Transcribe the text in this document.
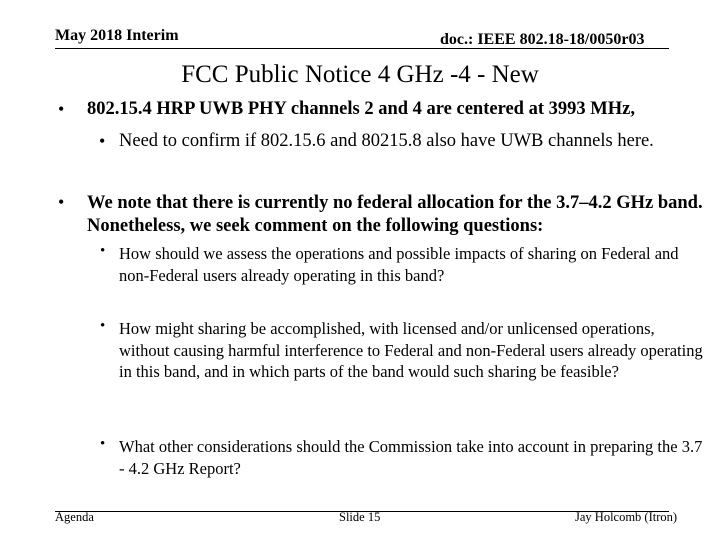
May 2018 Interim	doc.: IEEE 802.18-18/0050r03
FCC Public Notice 4 GHz -4 - New
• 802.15.4 HRP UWB PHY channels 2 and 4 are centered at 3993 MHz,
• Need to confirm if 802.15.6 and 80215.8 also have UWB channels here.
• We note that there is currently no federal allocation for the 3.7–4.2 GHz band. Nonetheless, we seek comment on the following questions:
• How should we assess the operations and possible impacts of sharing on Federal and non-Federal users already operating in this band?
• How might sharing be accomplished, with licensed and/or unlicensed operations, without causing harmful interference to Federal and non-Federal users already operating in this band, and in which parts of the band would such sharing be feasible?
• What other considerations should the Commission take into account in preparing the 3.7 - 4.2 GHz Report?
Agenda	Slide 15	Jay Holcomb (Itron)
